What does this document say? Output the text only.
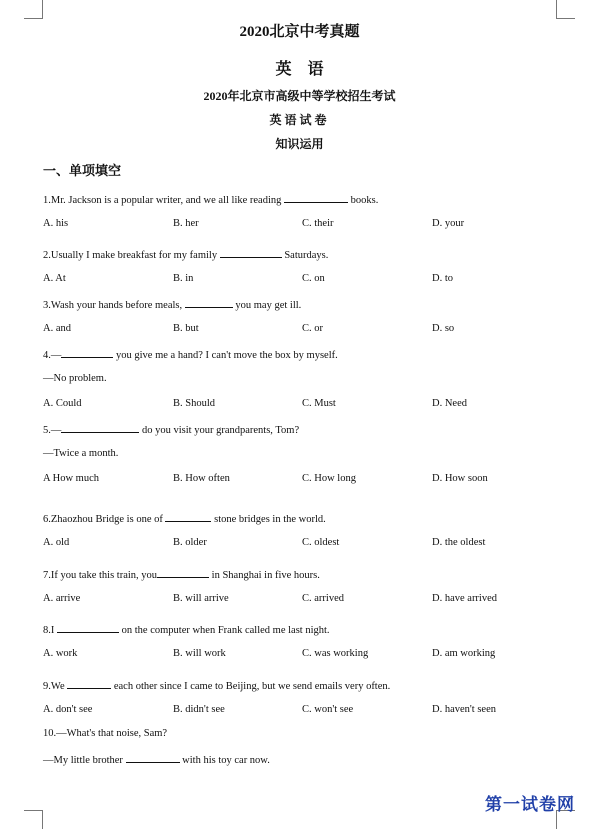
2020北京中考真题
英语
2020年北京市高级中等学校招生考试
英语试卷
知识运用
一、单项填空
1.Mr. Jackson is a popular writer, and we all like reading	books.
A. his	B. her	C. their	D. your
2.Usually I make breakfast for my family	Saturdays.
A. At	B. in	C. on	D. to
3.Wash your hands before meals,	you may get ill.
A. and	B. but	C. or	D. so
4.—	you give me a hand? I can't move the box by myself.
—No problem.
A. Could	B. Should	C. Must	D. Need
5.—	do you visit your grandparents, Tom?
—Twice a month.
A How much	B. How often	C. How long	D. How soon
6.Zhaozhou Bridge is one of	stone bridges in the world.
A. old	B. older	C. oldest	D. the oldest
7.If you take this train, you	in Shanghai in five hours.
A. arrive	B. will arrive	C. arrived	D. have arrived
8.I	on the computer when Frank called me last night.
A. work	B. will work	C. was working	D. am working
9.We	each other since I came to Beijing, but we send emails very often.
A. don't see	B. didn't see	C. won't see	D. haven't seen
10.—What's that noise, Sam?
—My little brother	with his toy car now.
第一试卷网
